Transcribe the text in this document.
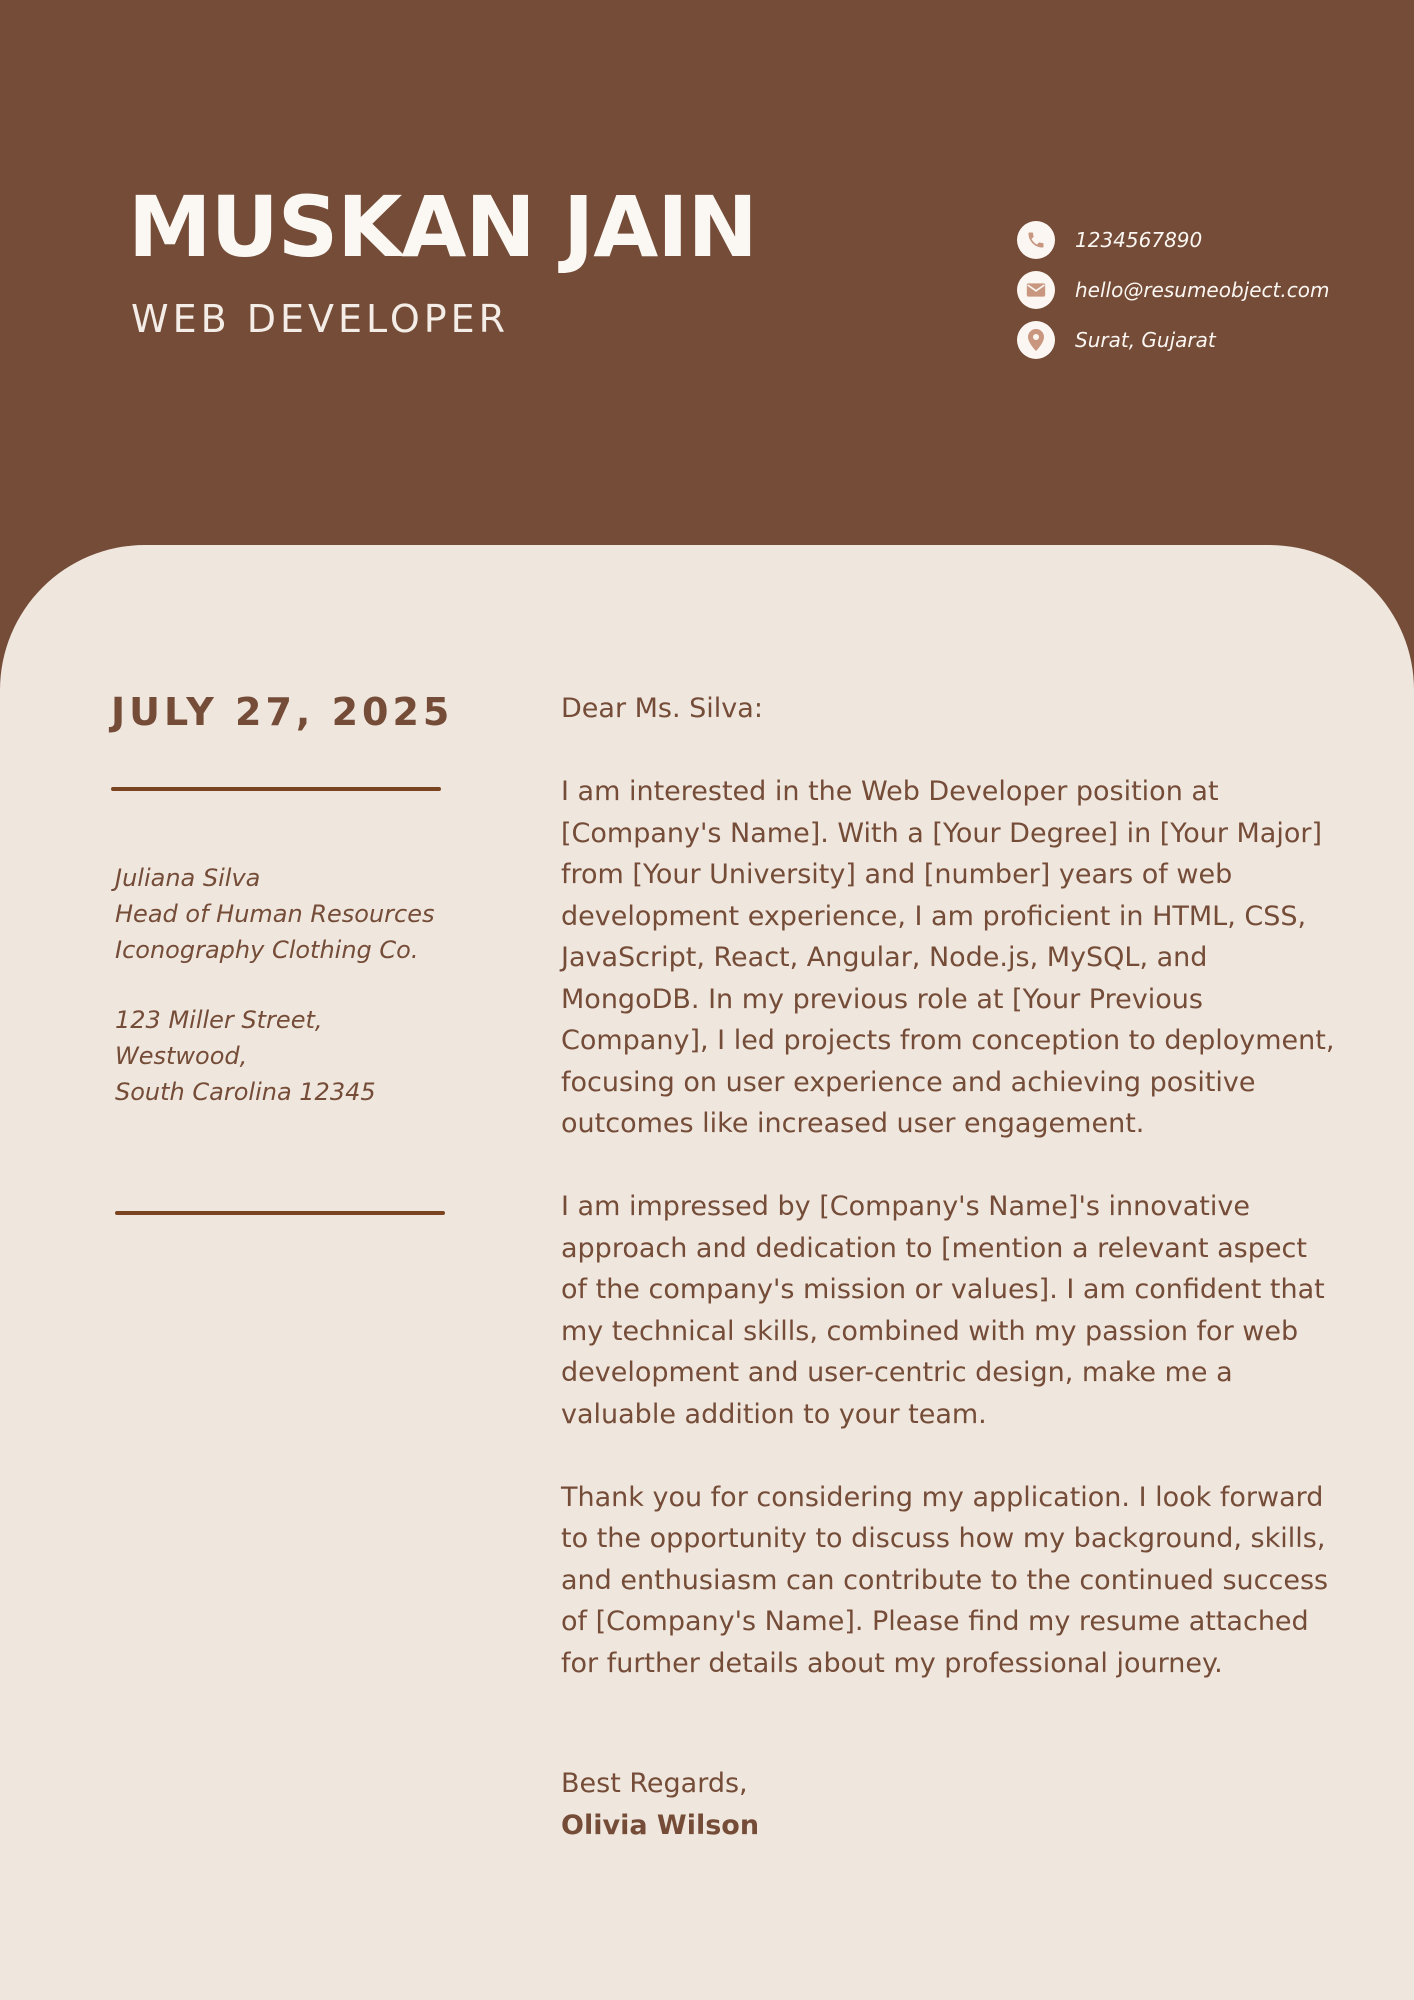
MUSKAN JAIN
WEB DEVELOPER
1234567890
hello@resumeobject.com
Surat, Gujarat
JULY 27, 2025
Juliana Silva
Head of Human Resources
Iconography Clothing Co.
123 Miller Street,
Westwood,
South Carolina 12345

Dear Ms. Silva:

I am interested in the Web Developer position at [Company's Name]. With a [Your Degree] in [Your Major] from [Your University] and [number] years of web development experience, I am proficient in HTML, CSS, JavaScript, React, Angular, Node.js, MySQL, and MongoDB. In my previous role at [Your Previous Company], I led projects from conception to deployment, focusing on user experience and achieving positive outcomes like increased user engagement.

I am impressed by [Company's Name]'s innovative approach and dedication to [mention a relevant aspect of the company's mission or values]. I am confident that my technical skills, combined with my passion for web development and user-centric design, make me a valuable addition to your team.

Thank you for considering my application. I look forward to the opportunity to discuss how my background, skills, and enthusiasm can contribute to the continued success of [Company's Name]. Please find my resume attached for further details about my professional journey.

Best Regards,
Olivia Wilson
